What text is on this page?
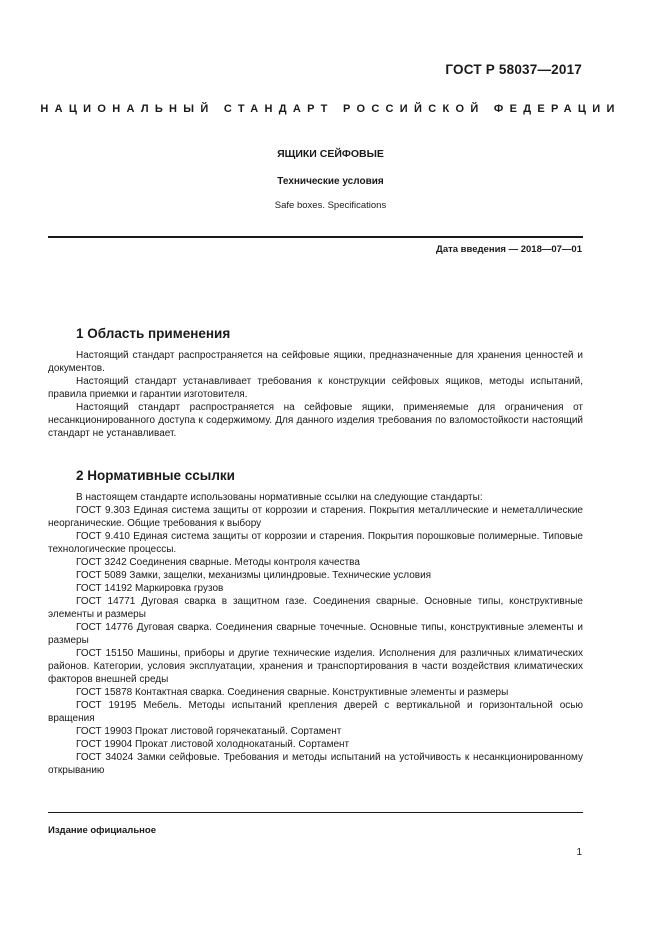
ГОСТ Р 58037—2017
НАЦИОНАЛЬНЫЙ СТАНДАРТ РОССИЙСКОЙ ФЕДЕРАЦИИ
ЯЩИКИ СЕЙФОВЫЕ
Технические условия
Safe boxes. Specifications
Дата введения — 2018—07—01
1 Область применения

Настоящий стандарт распространяется на сейфовые ящики, предназначенные для хранения ценностей и документов.

Настоящий стандарт устанавливает требования к конструкции сейфовых ящиков, методы испытаний, правила приемки и гарантии изготовителя.

Настоящий стандарт распространяется на сейфовые ящики, применяемые для ограничения от несанкционированного доступа к содержимому. Для данного изделия требования по взломостойкости настоящий стандарт не устанавливает.

2 Нормативные ссылки

В настоящем стандарте использованы нормативные ссылки на следующие стандарты:

ГОСТ 9.303 Единая система защиты от коррозии и старения. Покрытия металлические и неметаллические неорганические. Общие требования к выбору

ГОСТ 9.410 Единая система защиты от коррозии и старения. Покрытия порошковые полимерные. Типовые технологические процессы.

ГОСТ 3242 Соединения сварные. Методы контроля качества

ГОСТ 5089 Замки, защелки, механизмы цилиндровые. Технические условия

ГОСТ 14192 Маркировка грузов

ГОСТ 14771 Дуговая сварка в защитном газе. Соединения сварные. Основные типы, конструктивные элементы и размеры

ГОСТ 14776 Дуговая сварка. Соединения сварные точечные. Основные типы, конструктивные элементы и размеры

ГОСТ 15150 Машины, приборы и другие технические изделия. Исполнения для различных климатических районов. Категории, условия эксплуатации, хранения и транспортирования в части воздействия климатических факторов внешней среды

ГОСТ 15878 Контактная сварка. Соединения сварные. Конструктивные элементы и размеры

ГОСТ 19195 Мебель. Методы испытаний крепления дверей с вертикальной и горизонтальной осью вращения

ГОСТ 19903 Прокат листовой горячекатаный. Сортамент

ГОСТ 19904 Прокат листовой холоднокатаный. Сортамент

ГОСТ 34024 Замки сейфовые. Требования и методы испытаний на устойчивость к несанкционированному открыванию

Издание официальное
1
